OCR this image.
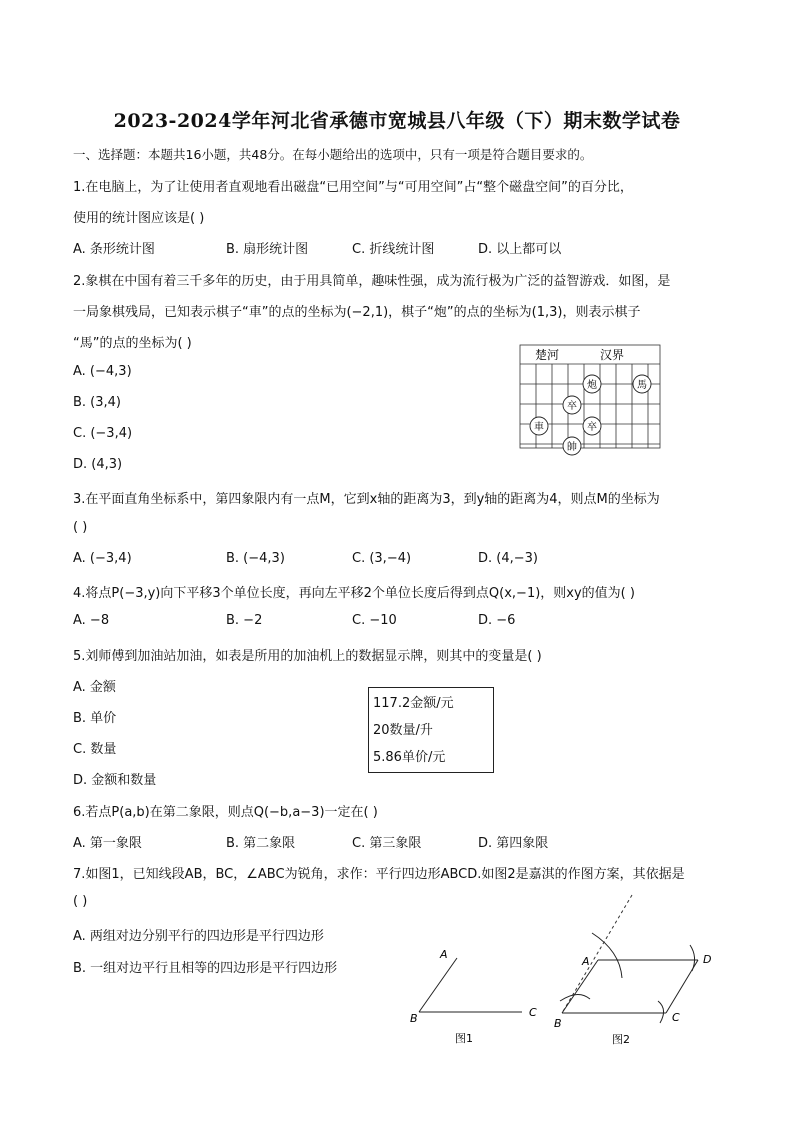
2023-2024学年河北省承德市宽城县八年级（下）期末数学试卷
一、选择题：本题共16小题，共48分。在每小题给出的选项中，只有一项是符合题目要求的。
1.在电脑上，为了让使用者直观地看出磁盘“已用空间”与“可用空间”占“整个磁盘空间”的百分比，
使用的统计图应该是( )
A. 条形统计图	B. 扇形统计图	C. 折线统计图	D. 以上都可以
2.象棋在中国有着三千多年的历史，由于用具简单，趣味性强，成为流行极为广泛的益智游戏．如图，是
一局象棋残局，已知表示棋子“車”的点的坐标为(−2,1)，棋子“炮”的点的坐标为(1,3)，则表示棋子
“馬”的点的坐标为( )
A. (−4,3)
B. (3,4)
C. (−3,4)
D. (4,3)
楚河	汉界
炮	馬
卒
車	卒
帥
3.在平面直角坐标系中，第四象限内有一点M，它到x轴的距离为3，到y轴的距离为4，则点M的坐标为
( )
A. (−3,4)	B. (−4,3)	C. (3,−4)	D. (4,−3)
4.将点P(−3,y)向下平移3个单位长度，再向左平移2个单位长度后得到点Q(x,−1)，则xy的值为( )
A. −8	B. −2	C. −10	D. −6
5.刘师傅到加油站加油，如表是所用的加油机上的数据显示牌，则其中的变量是( )
A. 金额
B. 单价
C. 数量
D. 金额和数量
117.2金额/元
20数量/升
5.86单价/元
6.若点P(a,b)在第二象限，则点Q(−b,a−3)一定在( )
A. 第一象限	B. 第二象限	C. 第三象限	D. 第四象限
7.如图1，已知线段AB，BC，∠ABC为锐角，求作：平行四边形ABCD.如图2是嘉淇的作图方案，其依据是
( )
A. 两组对边分别平行的四边形是平行四边形
B. 一组对边平行且相等的四边形是平行四边形
A
B	C
图1
A
B	C
D
图2
